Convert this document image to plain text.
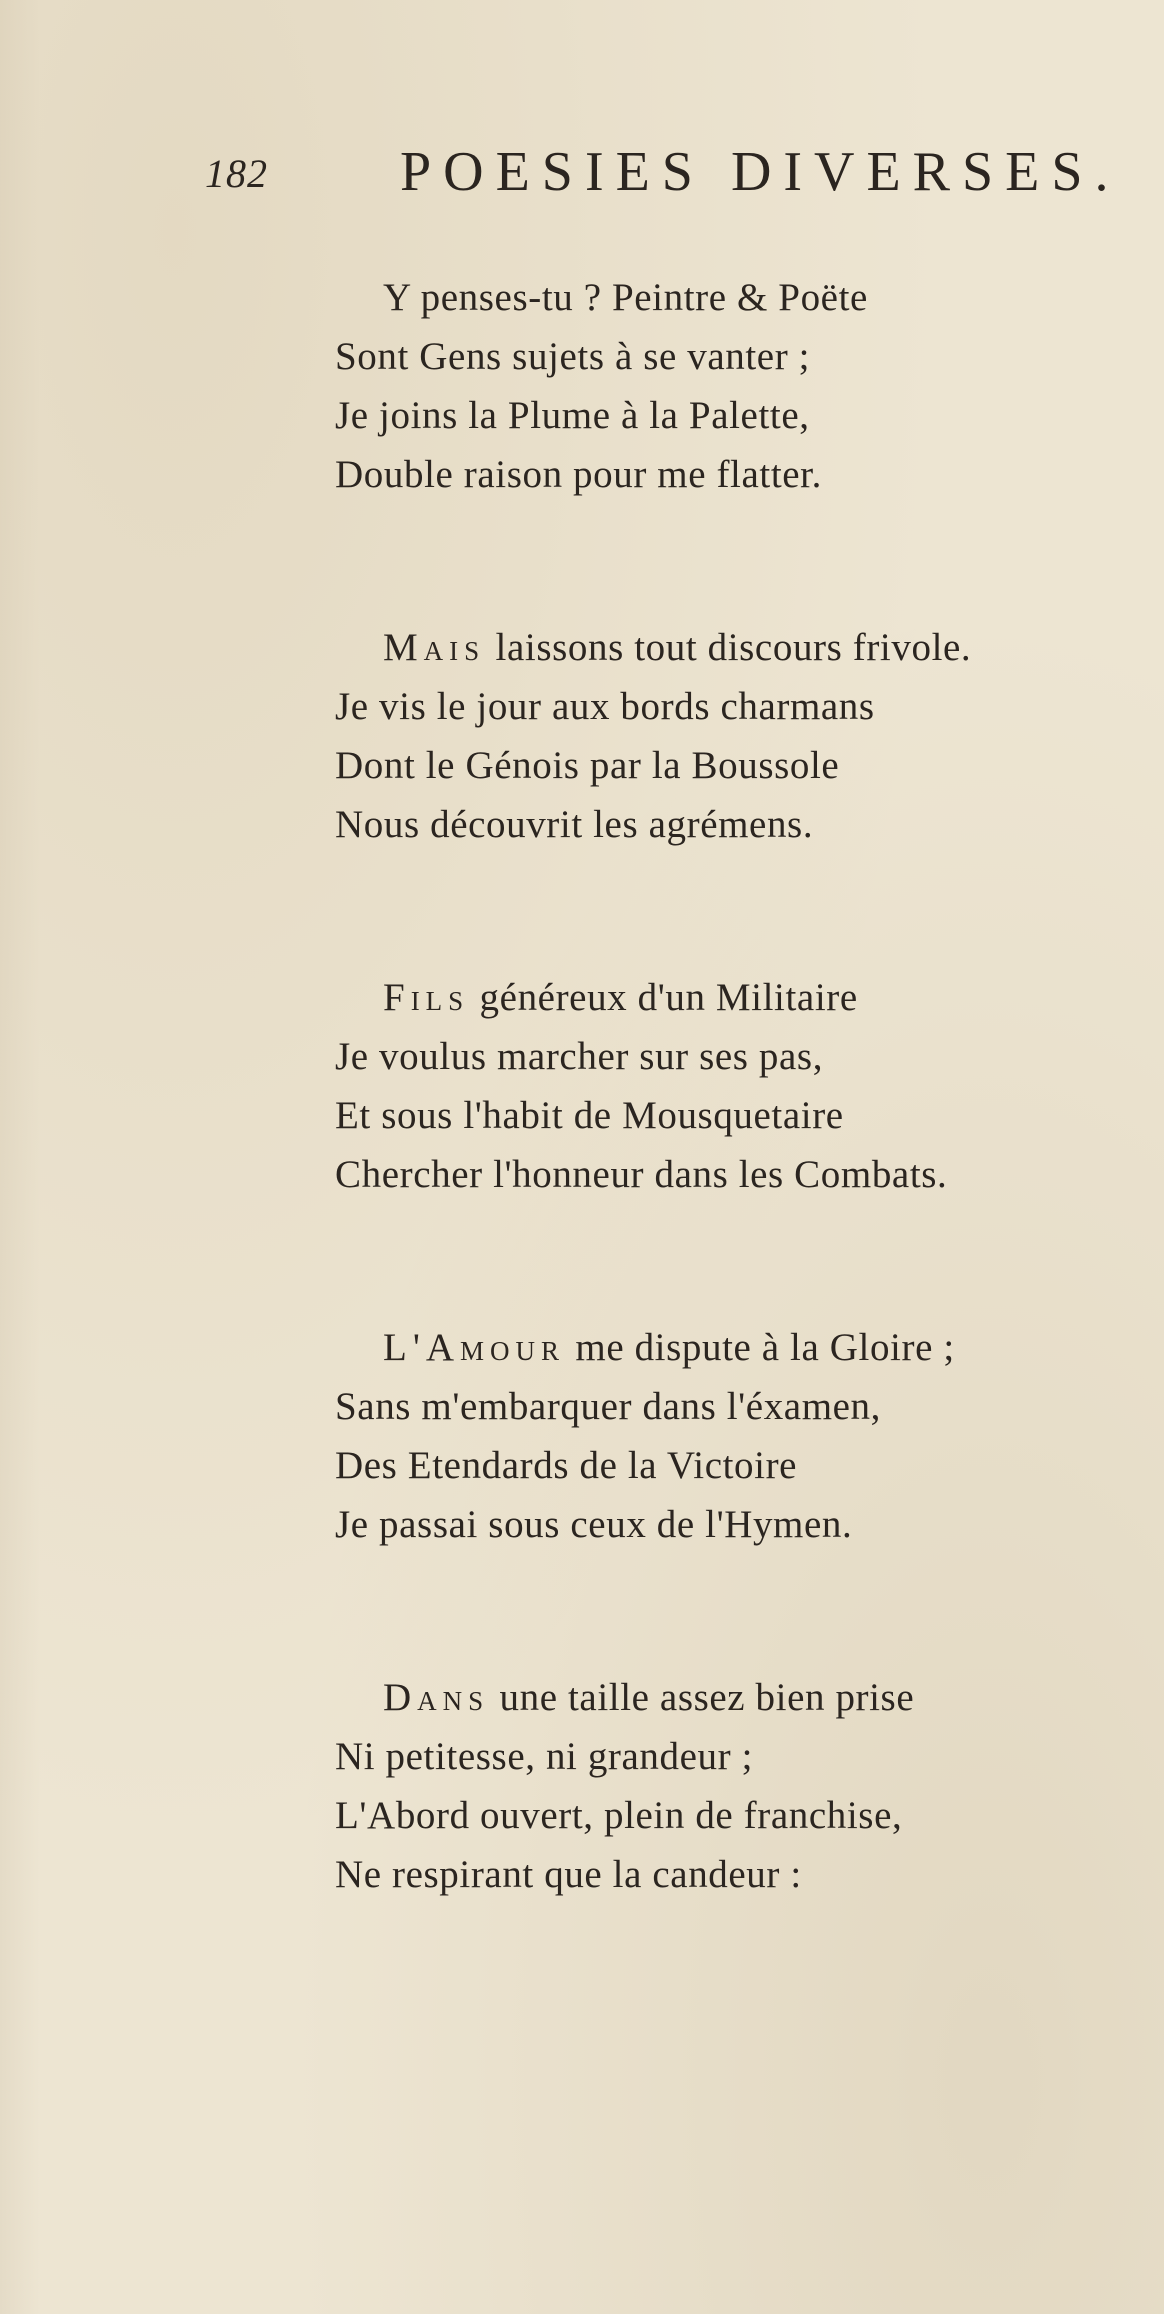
182 POESIES DIVERSES.
Y penses-tu ? Peintre & Poëte
Sont Gens sujets à se vanter ;
Je joins la Plume à la Palette,
Double raison pour me flatter.
Mais laissons tout discours frivole.
Je vis le jour aux bords charmans
Dont le Génois par la Boussole
Nous découvrit les agrémens.
Fils généreux d'un Militaire
Je voulus marcher sur ses pas,
Et sous l'habit de Mousquetaire
Chercher l'honneur dans les Combats.
L'Amour me dispute à la Gloire ;
Sans m'embarquer dans l'éxamen,
Des Etendards de la Victoire
Je passai sous ceux de l'Hymen.
Dans une taille assez bien prise
Ni petitesse, ni grandeur ;
L'Abord ouvert, plein de franchise,
Ne respirant que la candeur :
